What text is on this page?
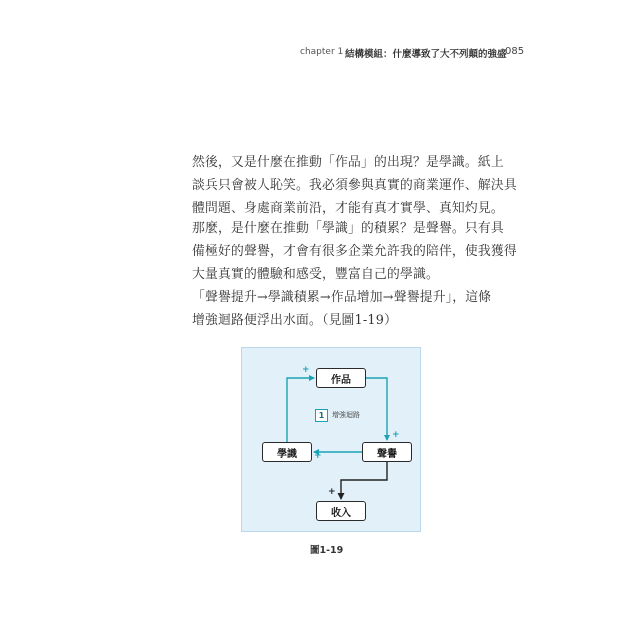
chapter 1 結構模組：什麼導致了大不列顛的強盛
085

然後，又是什麼在推動「作品」的出現？是學識。紙上
談兵只會被人恥笑。我必須參與真實的商業運作、解決具
體問題、身處商業前沿，才能有真才實學、真知灼見。

那麼，是什麼在推動「學識」的積累？是聲譽。只有具
備極好的聲譽，才會有很多企業允許我的陪伴，使我獲得
大量真實的體驗和感受，豐富自己的學識。

「聲譽提升→學識積累→作品增加→聲譽提升」，這條
增強迴路便浮出水面。（見圖1-19）

作品
學識	聲譽
收入
1	增強迴路
+
+
+
+
圖1-19
